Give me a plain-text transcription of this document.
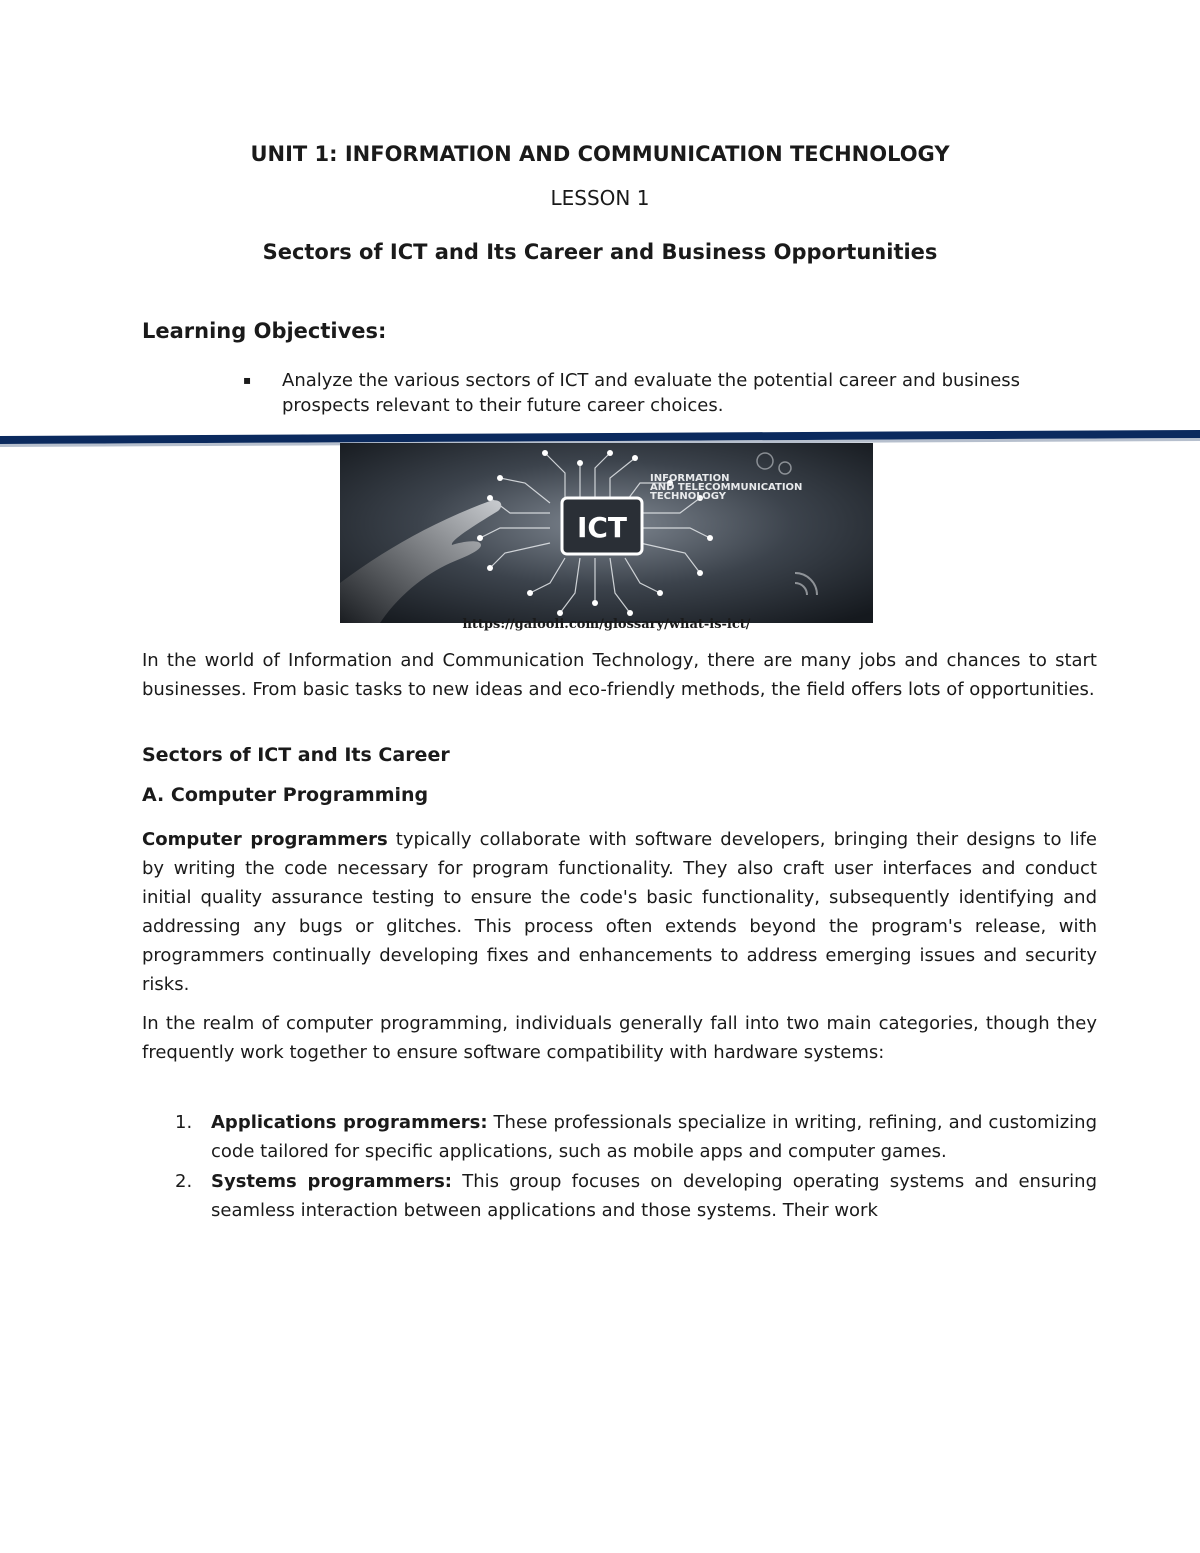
UNIT 1: INFORMATION AND COMMUNICATION TECHNOLOGY
LESSON 1
Sectors of ICT and Its Career and Business Opportunities
Learning Objectives:
▪	Analyze the various sectors of ICT and evaluate the potential career and business prospects relevant to their future career choices.
ICT
INFORMATION
AND TELECOMMUNICATION
TECHNOLOGY
https://galooli.com/glossary/what-is-ict/

In the world of Information and Communication Technology, there are many jobs and chances to start businesses. From basic tasks to new ideas and eco-friendly methods, the field offers lots of opportunities.

Sectors of ICT and Its Career
A. Computer Programming

Computer programmers typically collaborate with software developers, bringing their designs to life by writing the code necessary for program functionality. They also craft user interfaces and conduct initial quality assurance testing to ensure the code's basic functionality, subsequently identifying and addressing any bugs or glitches. This process often extends beyond the program's release, with programmers continually developing fixes and enhancements to address emerging issues and security risks.

In the realm of computer programming, individuals generally fall into two main categories, though they frequently work together to ensure software compatibility with hardware systems:

1. Applications programmers: These professionals specialize in writing, refining, and customizing code tailored for specific applications, such as mobile apps and computer games.
2. Systems programmers: This group focuses on developing operating systems and ensuring seamless interaction between applications and those systems. Their work
